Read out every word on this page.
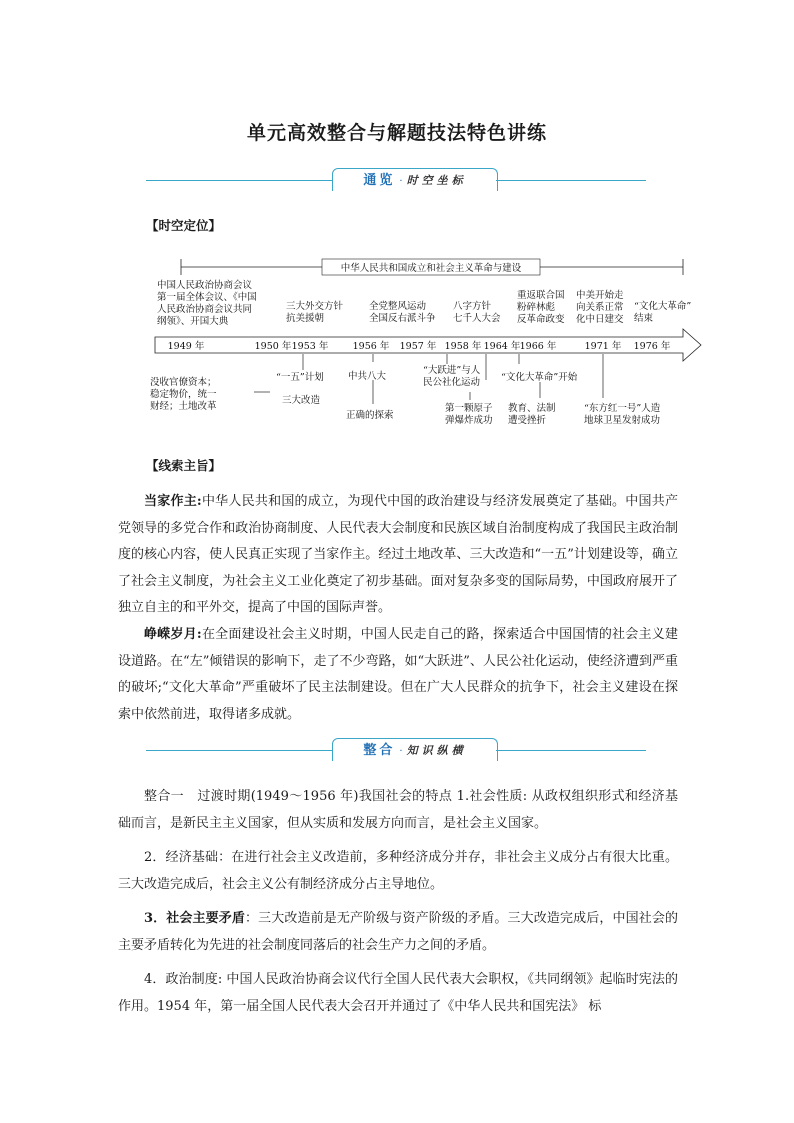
单元高效整合与解题技法特色讲练
通览 · 时空坐标
【时空定位】
中华人民共和国成立和社会主义革命与建设
1949 年	1950 年 1953 年	1956 年 1957 年 1958 年 1964 年 1966 年	1971 年 1976 年
中国人民政治协商会议
第一届全体会议、《中国
人民政治协商会议共同
纲领》、开国大典
三大外交方针
抗美援朝
全党整风运动
全国反右派斗争
八字方针
七千人大会
重返联合国
粉碎林彪
反革命政变
中美开始走
向关系正常
化中日建交
“文化大革命”
结束
没收官僚资本；
稳定物价，统一
财经；土地改革
“一五”计划
三大改造
中共八大
正确的探索
“大跃进”与人
民公社化运动
第一颗原子
弹爆炸成功
“文化大革命”开始
教育、法制
遭受挫折
“东方红一号”人造
地球卫星发射成功
【线索主旨】

当家作主:中华人民共和国的成立，为现代中国的政治建设与经济发展奠定了基础。中国共产党领导的多党合作和政治协商制度、人民代表大会制度和民族区域自治制度构成了我国民主政治制度的核心内容，使人民真正实现了当家作主。经过土地改革、三大改造和“一五”计划建设等，确立了社会主义制度，为社会主义工业化奠定了初步基础。面对复杂多变的国际局势，中国政府展开了独立自主的和平外交，提高了中国的国际声誉。

峥嵘岁月:在全面建设社会主义时期，中国人民走自己的路，探索适合中国国情的社会主义建设道路。在“左”倾错误的影响下，走了不少弯路，如“大跃进”、人民公社化运动，使经济遭到严重的破坏;“文化大革命”严重破坏了民主法制建设。但在广大人民群众的抗争下，社会主义建设在探索中依然前进，取得诸多成就。

整合 · 知识纵横

整合一　过渡时期(1949～1956 年)我国社会的特点 1.社会性质: 从政权组织形式和经济基础而言，是新民主主义国家，但从实质和发展方向而言，是社会主义国家。

2．经济基础：在进行社会主义改造前，多种经济成分并存，非社会主义成分占有很大比重。三大改造完成后，社会主义公有制经济成分占主导地位。

3．社会主要矛盾：三大改造前是无产阶级与资产阶级的矛盾。三大改造完成后，中国社会的主要矛盾转化为先进的社会制度同落后的社会生产力之间的矛盾。

4．政治制度: 中国人民政治协商会议代行全国人民代表大会职权，《共同纲领》起临时宪法的作用。1954 年，第一届全国人民代表大会召开并通过了《中华人民共和国宪法》 标
